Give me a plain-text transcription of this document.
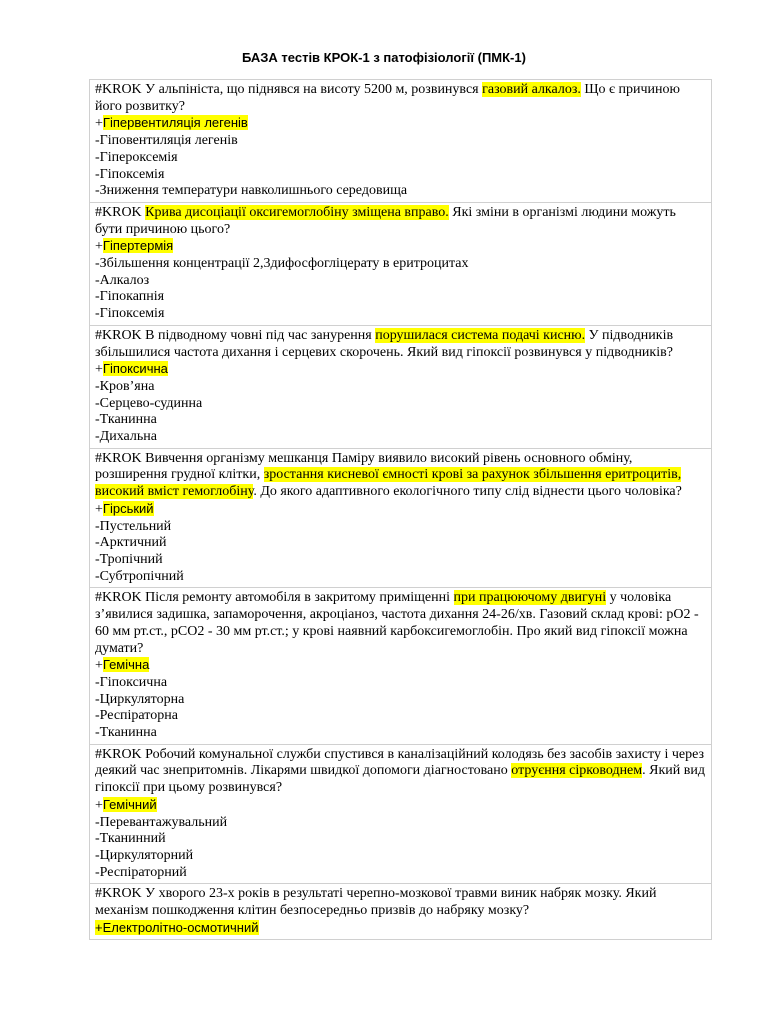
БАЗА тестів КРОК-1 з патофізіології (ПМК-1)
#KROK У альпініста, що піднявся на висоту 5200 м, розвинувся газовий алкалоз. Що є причиною його розвитку?
+Гіпервентиляція легенів
-Гіповентиляція легенів
-Гіпероксемія
-Гіпоксемія
-Зниження температури навколишнього середовища

#KROK Крива дисоціації оксигемоглобіну зміщена вправо. Які зміни в організмі людини можуть бути причиною цього?
+Гіпертермія
-Збільшення концентрації 2,3дифосфогліцерату в еритроцитах
-Алкалоз
-Гіпокапнія
-Гіпоксемія

#KROK В підводному човні під час занурення порушилася система подачі кисню. У підводників збільшилися частота дихання і серцевих скорочень. Який вид гіпоксії розвинувся у підводників?
+Гіпоксична
-Кров’яна
-Серцево-судинна
-Тканинна
-Дихальна

#KROK Вивчення організму мешканця Паміру виявило високий рівень основного обміну, розширення грудної клітки, зростання кисневої ємності крові за рахунок збільшення еритроцитів, високий вміст гемоглобіну. До якого адаптивного екологічного типу слід віднести цього чоловіка?
+Гірський
-Пустельний
-Арктичний
-Тропічний
-Субтропічний

#KROK Після ремонту автомобіля в закритому приміщенні при працюючому двигуні у чоловіка з’явилися задишка, запаморочення, акроціаноз, частота дихання 24-26/хв. Газовий склад крові: рО2 - 60 мм рт.ст., рСО2 - 30 мм рт.ст.; у крові наявний карбоксигемоглобін. Про який вид гіпоксії можна думати?
+Гемічна
-Гіпоксична
-Циркуляторна
-Респіраторна
-Тканинна

#KROK Робочий комунальної служби спустився в каналізаційний колодязь без засобів захисту і через деякий час знепритомнів. Лікарями швидкої допомоги діагностовано отруєння сірководнем. Який вид гіпоксії при цьому розвинувся?
+Гемічний
-Перевантажувальний
-Тканинний
-Циркуляторний
-Респіраторний

#KROK У хворого 23-х років в результаті черепно-мозкової травми виник набряк мозку. Який механізм пошкодження клітин безпосередньо призвів до набряку мозку?
+Електролітно-осмотичний
